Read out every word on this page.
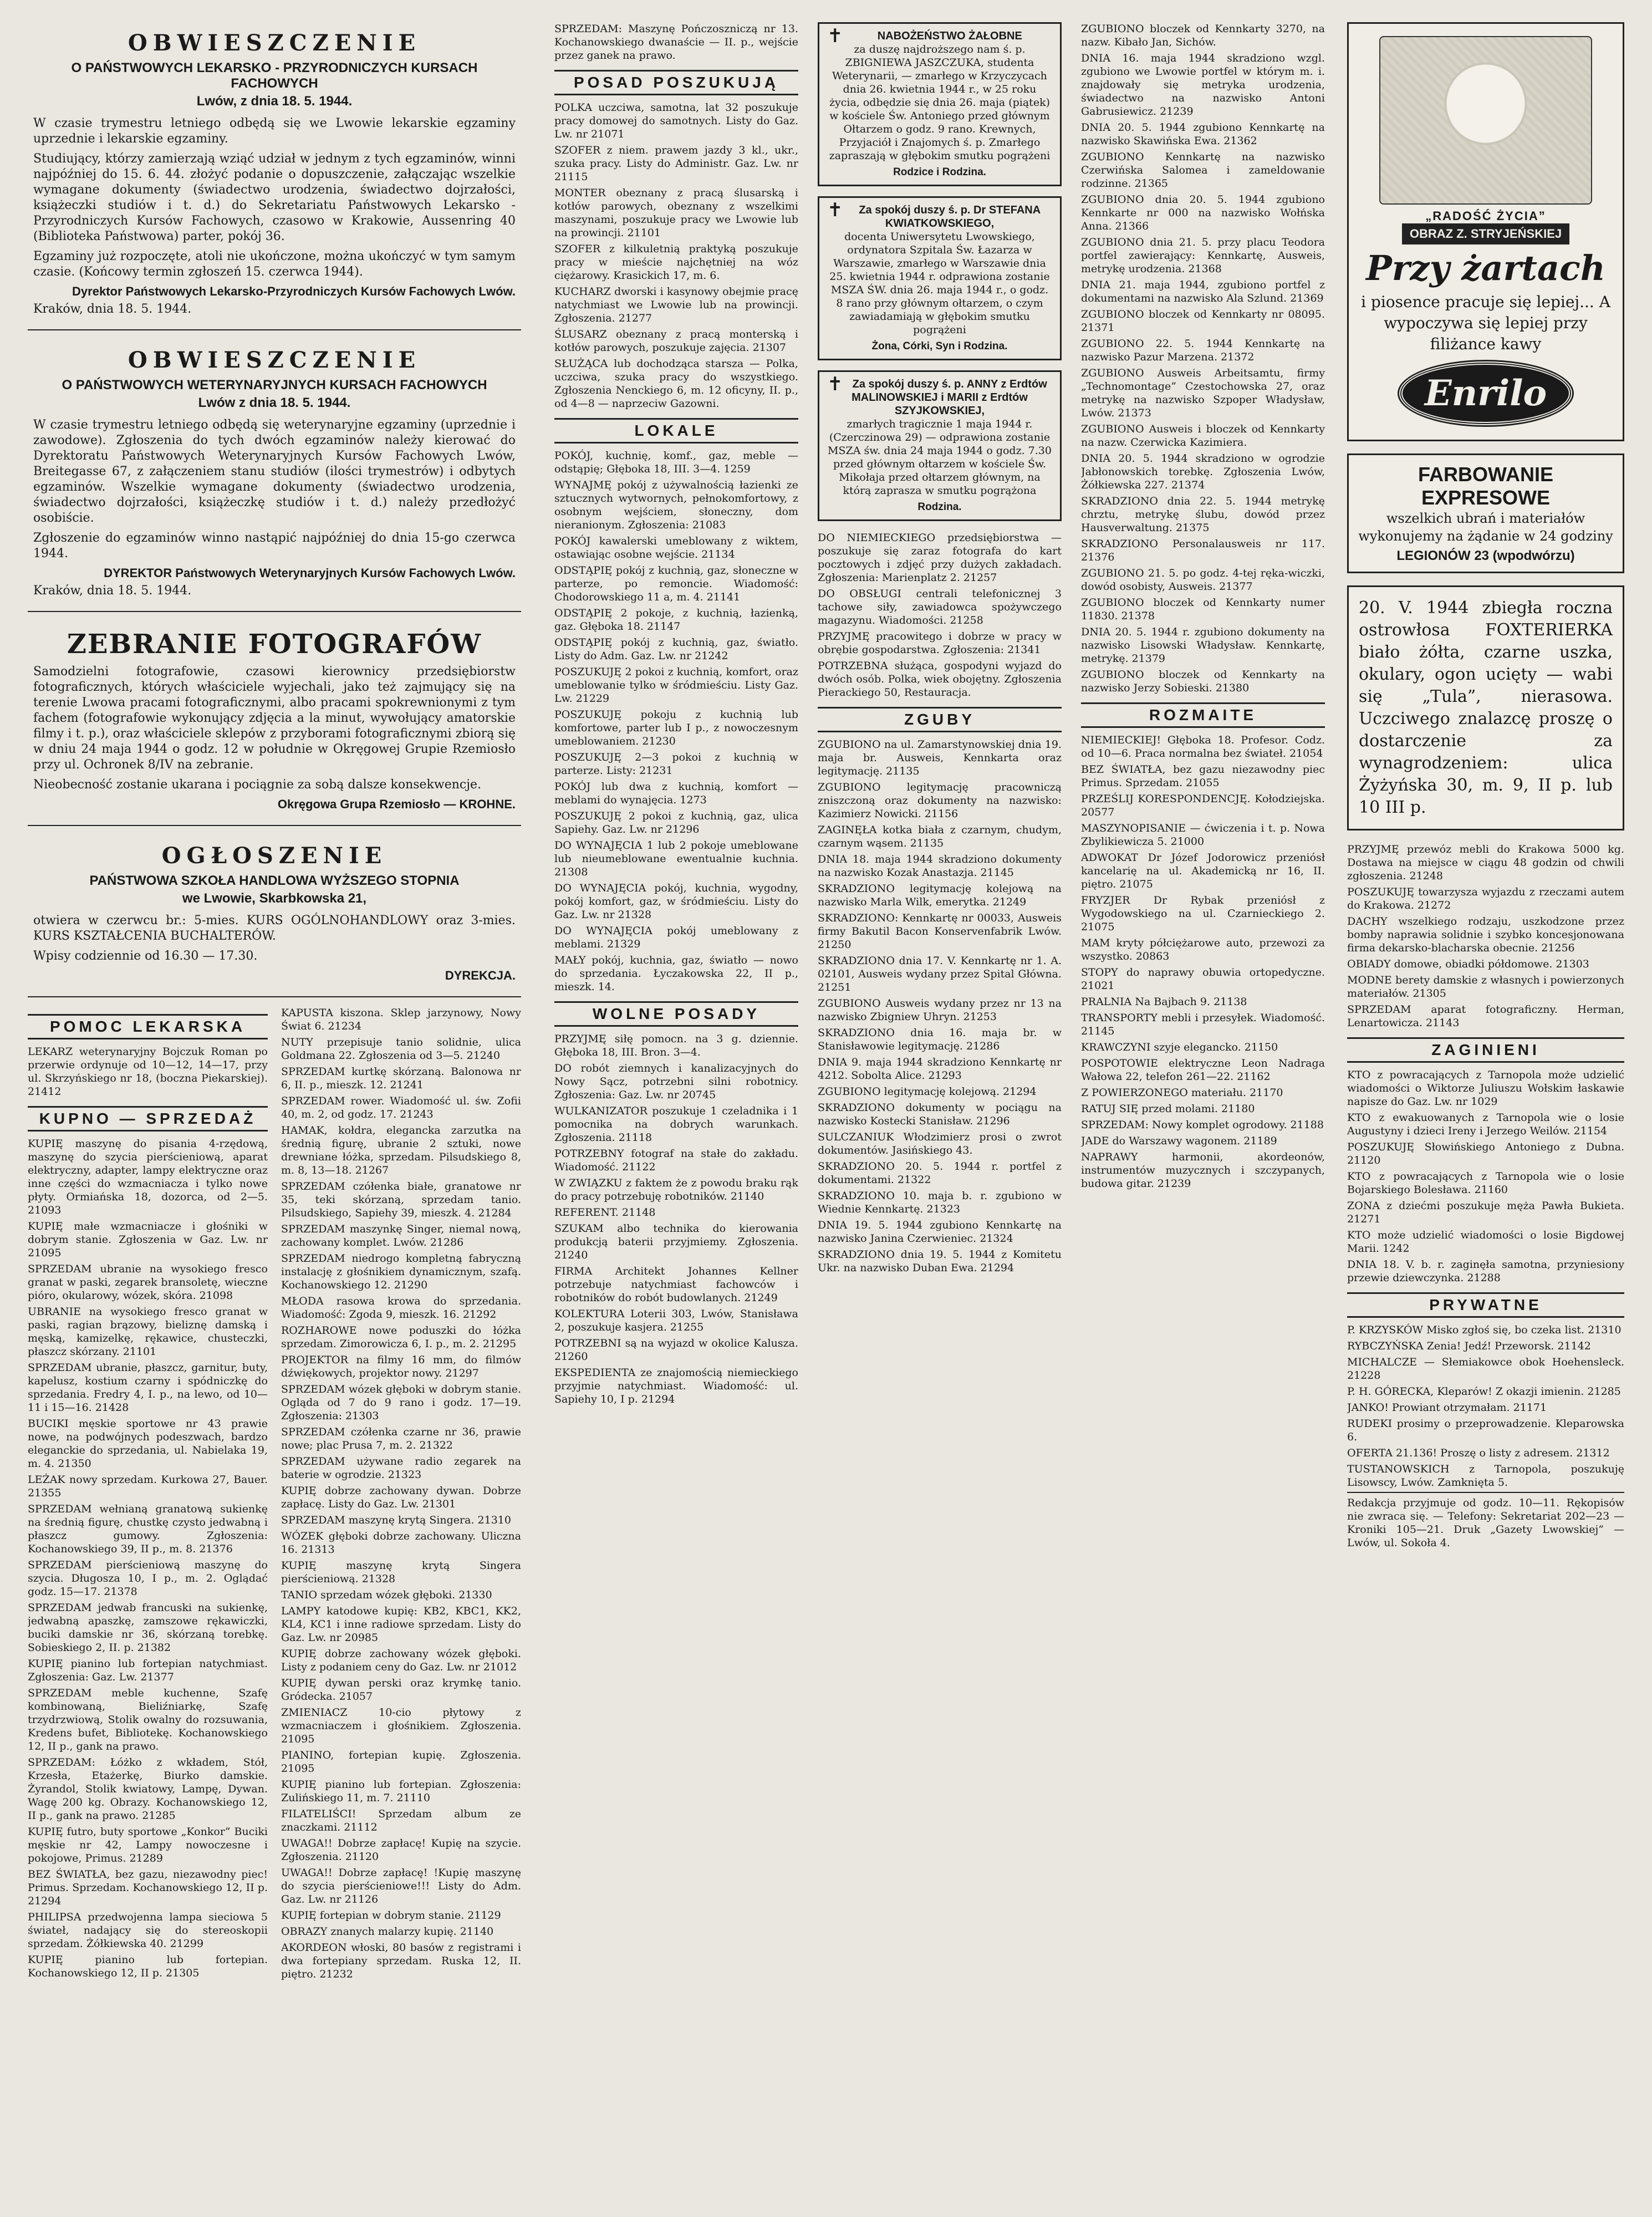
OBWIESZCZENIE
O PAŃSTWOWYCH LEKARSKO - PRZYRODNICZYCH KURSACH FACHOWYCH
Lwów, z dnia 18. 5. 1944.

W czasie trymestru letniego odbędą się we Lwowie lekarskie egzaminy uprzednie i lekarskie egzaminy.

Studiujący, którzy zamierzają wziąć udział w jednym z tych egzaminów, winni najpóźniej do 15. 6. 44. złożyć podanie o dopuszczenie, załączając wszelkie wymagane dokumenty (świadectwo urodzenia, świadectwo dojrzałości, książeczki studiów i t. d.) do Sekretariatu Państwowych Lekarsko - Przyrodniczych Kursów Fachowych, czasowo w Krakowie, Aussenring 40 (Biblioteka Państwowa) parter, pokój 36.

Egzaminy już rozpoczęte, atoli nie ukończone, można ukończyć w tym samym czasie. (Końcowy termin zgłoszeń 15. czerwca 1944).

Dyrektor Państwowych Lekarsko-Przyrodniczych Kursów Fachowych Lwów.
Kraków, dnia 18. 5. 1944.
OBWIESZCZENIE
O PAŃSTWOWYCH WETERYNARYJNYCH KURSACH FACHOWYCH
Lwów z dnia 18. 5. 1944.

W czasie trymestru letniego odbędą się weterynaryjne egzaminy (uprzednie i zawodowe). Zgłoszenia do tych dwóch egzaminów należy kierować do Dyrektoratu Państwowych Weterynaryjnych Kursów Fachowych Lwów, Breitegasse 67, z załączeniem stanu studiów (ilości trymestrów) i odbytych egzaminów. Wszelkie wymagane dokumenty (świadectwo urodzenia, świadectwo dojrzałości, książeczkę studiów i t. d.) należy przedłożyć osobiście.

Zgłoszenie do egzaminów winno nastąpić najpóźniej do dnia 15-go czerwca 1944.

DYREKTOR Państwowych Weterynaryjnych Kursów Fachowych Lwów.
Kraków, dnia 18. 5. 1944.
ZEBRANIE FOTOGRAFÓW

Samodzielni fotografowie, czasowi kierownicy przedsiębiorstw fotograficznych, których właściciele wyjechali, jako też zajmujący się na terenie Lwowa pracami fotograficznymi, albo pracami spokrewnionymi z tym fachem (fotografowie wykonujący zdjęcia a la minut, wywołujący amatorskie filmy i t. p.), oraz właściciele sklepów z przyborami fotograficznymi zbiorą się w dniu 24 maja 1944 o godz. 12 w południe w Okręgowej Grupie Rzemiosło przy ul. Ochronek 8/IV na zebranie.

Nieobecność zostanie ukarana i pociągnie za sobą dalsze konsekwencje.

Okręgowa Grupa Rzemiosło — KROHNE.
OGŁOSZENIE
PAŃSTWOWA SZKOŁA HANDLOWA WYŻSZEGO STOPNIA
we Lwowie, Skarbkowska 21,

otwiera w czerwcu br.: 5-mies. KURS OGÓLNOHANDLOWY oraz 3-mies. KURS KSZTAŁCENIA BUCHALTERÓW.

Wpisy codziennie od 16.30 — 17.30.

DYREKCJA.
POMOC LEKARSKA

LEKARZ weterynaryjny Bojczuk Roman po przerwie ordynuje od 10—12, 14—17, przy ul. Skrzyńskiego nr 18, (boczna Piekarskiej). 21412

KUPNO — SPRZEDAŻ

KUPIĘ maszynę do pisania 4-rzędową, maszynę do szycia pierścieniową, aparat elektryczny, adapter, lampy elektryczne oraz inne części do wzmacniacza i tylko nowe płyty. Ormiańska 18, dozorca, od 2—5. 21093

KUPIĘ małe wzmacniacze i głośniki w dobrym stanie. Zgłoszenia w Gaz. Lw. nr 21095

SPRZEDAM ubranie na wysokiego fresco granat w paski, zegarek bransoletę, wieczne pióro, okularowy, wózek, skóra. 21098

UBRANIE na wysokiego fresco granat w paski, ragian brązowy, bieliznę damską i męską, kamizelkę, rękawice, chusteczki, płaszcz skórzany. 21101

SPRZEDAM ubranie, płaszcz, garnitur, buty, kapelusz, kostium czarny i spódniczkę do sprzedania. Fredry 4, I. p., na lewo, od 10—11 i 15—16. 21428

BUCIKI męskie sportowe nr 43 prawie nowe, na podwójnych podeszwach, bardzo eleganckie do sprzedania, ul. Nabielaka 19, m. 4. 21350

LEŻAK nowy sprzedam. Kurkowa 27, Bauer. 21355

SPRZEDAM wełnianą granatową sukienkę na średnią figurę, chustkę czysto jedwabną i płaszcz gumowy. Zgłoszenia: Kochanowskiego 39, II p., m. 8. 21376

SPRZEDAM pierścieniową maszynę do szycia. Długosza 10, I p., m. 2. Oglądać godz. 15—17. 21378

SPRZEDAM jedwab francuski na sukienkę, jedwabną apaszkę, zamszowe rękawiczki, buciki damskie nr 36, skórzaną torebkę. Sobieskiego 2, II. p. 21382

KUPIĘ pianino lub fortepian natychmiast. Zgłoszenia: Gaz. Lw. 21377

SPRZEDAM meble kuchenne, Szafę kombinowaną, Bieliźniarkę, Szafę trzydrzwiową, Stolik owalny do rozsuwania, Kredens bufet, Bibliotekę. Kochanowskiego 12, II p., gank na prawo.

SPRZEDAM: Łóżko z wkładem, Stół, Krzesła, Etażerkę, Biurko damskie. Żyrandol, Stolik kwiatowy, Lampę, Dywan. Wagę 200 kg. Obrazy. Kochanowskiego 12, II p., gank na prawo. 21285

KUPIĘ futro, buty sportowe „Konkor” Buciki męskie nr 42, Lampy nowoczesne i pokojowe, Primus. 21289

BEZ ŚWIATŁA, bez gazu, niezawodny piec! Primus. Sprzedam. Kochanowskiego 12, II p. 21294

PHILIPSA przedwojenna lampa sieciowa 5 świateł, nadający się do stereoskopii sprzedam. Żółkiewska 40. 21299

KUPIĘ pianino lub fortepian. Kochanowskiego 12, II p. 21305

KAPUSTA kiszona. Sklep jarzynowy, Nowy Świat 6. 21234

NUTY przepisuje tanio solidnie, ulica Goldmana 22. Zgłoszenia od 3—5. 21240

SPRZEDAM kurtkę skórzaną. Balonowa nr 6, II. p., mieszk. 12. 21241

SPRZEDAM rower. Wiadomość ul. św. Zofii 40, m. 2, od godz. 17. 21243

HAMAK, kołdra, elegancka zarzutka na średnią figurę, ubranie 2 sztuki, nowe drewniane łóżka, sprzedam. Pilsudskiego 8, m. 8, 13—18. 21267

SPRZEDAM czółenka białe, granatowe nr 35, teki skórzaną, sprzedam tanio. Pilsudskiego, Sapiehy 39, mieszk. 4. 21284

SPRZEDAM maszynkę Singer, niemal nową, zachowany komplet. Lwów. 21286

SPRZEDAM niedrogo kompletną fabryczną instalację z głośnikiem dynamicznym, szafą. Kochanowskiego 12. 21290

MŁODA rasowa krowa do sprzedania. Wiadomość: Zgoda 9, mieszk. 16. 21292

ROZHAROWE nowe poduszki do łóżka sprzedam. Zimorowicza 6, I. p., m. 2. 21295

PROJEKTOR na filmy 16 mm, do filmów dźwiękowych, projektor nowy. 21297

SPRZEDAM wózek głęboki w dobrym stanie. Ogląda od 7 do 9 rano i godz. 17—19. Zgłoszenia: 21303

SPRZEDAM czółenka czarne nr 36, prawie nowe; plac Prusa 7, m. 2. 21322

SPRZEDAM używane radio zegarek na baterie w ogrodzie. 21323

KUPIĘ dobrze zachowany dywan. Dobrze zapłacę. Listy do Gaz. Lw. 21301

SPRZEDAM maszynę krytą Singera. 21310

WÓZEK głęboki dobrze zachowany. Uliczna 16. 21313

KUPIĘ maszynę krytą Singera pierścieniową. 21328

TANIO sprzedam wózek głęboki. 21330

LAMPY katodowe kupię: KB2, KBC1, KK2, KL4, KC1 i inne radiowe sprzedam. Listy do Gaz. Lw. nr 20985

KUPIĘ dobrze zachowany wózek głęboki. Listy z podaniem ceny do Gaz. Lw. nr 21012

KUPIĘ dywan perski oraz krymkę tanio. Gródecka. 21057

ZMIENIACZ 10-cio płytowy z wzmacniaczem i głośnikiem. Zgłoszenia. 21095

PIANINO, fortepian kupię. Zgłoszenia. 21095

KUPIĘ pianino lub fortepian. Zgłoszenia: Zulińskiego 11, m. 7. 21110

FILATELIŚCI! Sprzedam album ze znaczkami. 21112

UWAGA!! Dobrze zapłacę! Kupię na szycie. Zgłoszenia. 21120

UWAGA!! Dobrze zapłacę! !Kupię maszynę do szycia pierścieniowe!!! Listy do Adm. Gaz. Lw. nr 21126

KUPIĘ fortepian w dobrym stanie. 21129

OBRAZY znanych malarzy kupię. 21140

AKORDEON włoski, 80 basów z registrami i dwa fortepiany sprzedam. Ruska 12, II. piętro. 21232

SPRZEDAM: Maszynę Pończoszniczą nr 13. Kochanowskiego dwanaście — II. p., wejście przez ganek na prawo.

POSAD POSZUKUJĄ

POLKA uczciwa, samotna, lat 32 poszukuje pracy domowej do samotnych. Listy do Gaz. Lw. nr 21071

SZOFER z niem. prawem jazdy 3 kl., ukr., szuka pracy. Listy do Administr. Gaz. Lw. nr 21115

MONTER obeznany z pracą ślusarską i kotłów parowych, obeznany z wszelkimi maszynami, poszukuje pracy we Lwowie lub na prowincji. 21101

SZOFER z kilkuletnią praktyką poszukuje pracy w mieście najchętniej na wóz ciężarowy. Krasickich 17, m. 6.

KUCHARZ dworski i kasynowy obejmie pracę natychmiast we Lwowie lub na prowincji. Zgłoszenia. 21277

ŚLUSARZ obeznany z pracą monterską i kotłów parowych, poszukuje zajęcia. 21307

SŁUŻĄCA lub dochodząca starsza — Polka, uczciwa, szuka pracy do wszystkiego. Zgłoszenia Nenckiego 6, m. 12 oficyny, II. p., od 4—8 — naprzeciw Gazowni.

LOKALE

POKÓJ, kuchnię, komf., gaz, meble — odstąpię; Głęboka 18, III. 3—4. 1259

WYNAJMĘ pokój z używalnością łazienki ze sztucznych wytwornych, pełnokomfortowy, z osobnym wejściem, słoneczny, dom nieranionym. Zgłoszenia: 21083

POKÓJ kawalerski umeblowany z wiktem, ostawiając osobne wejście. 21134

ODSTĄPIĘ pokój z kuchnią, gaz, słoneczne w parterze, po remoncie. Wiadomość: Chodorowskiego 11 a, m. 4. 21141

ODSTĄPIĘ 2 pokoje, z kuchnią, łazienką, gaz. Głęboka 18. 21147

ODSTĄPIĘ pokój z kuchnią, gaz, światło. Listy do Adm. Gaz. Lw. nr 21242

POSZUKUJĘ 2 pokoi z kuchnią, komfort, oraz umeblowanie tylko w śródmieściu. Listy Gaz. Lw. 21229

POSZUKUJĘ pokoju z kuchnią lub komfortowe, parter lub I p., z nowoczesnym umeblowaniem. 21230

POSZUKUJĘ 2—3 pokoi z kuchnią w parterze. Listy: 21231

POKÓJ lub dwa z kuchnią, komfort — meblami do wynajęcia. 1273

POSZUKUJĘ 2 pokoi z kuchnią, gaz, ulica Sapiehy. Gaz. Lw. nr 21296

DO WYNAJĘCIA 1 lub 2 pokoje umeblowane lub nieumeblowane ewentualnie kuchnia. 21308

DO WYNAJĘCIA pokój, kuchnia, wygodny, pokój komfort, gaz, w śródmieściu. Listy do Gaz. Lw. nr 21328

DO WYNAJĘCIA pokój umeblowany z meblami. 21329

MAŁY pokój, kuchnia, gaz, światło — nowo do sprzedania. Łyczakowska 22, II p., mieszk. 14.

WOLNE POSADY

PRZYJMĘ siłę pomocn. na 3 g. dziennie. Głęboka 18, III. Bron. 3—4.

DO robót ziemnych i kanalizacyjnych do Nowy Sącz, potrzebni silni robotnicy. Zgłoszenia: Gaz. Lw. nr 20745

WULKANIZATOR poszukuje 1 czeladnika i 1 pomocnika na dobrych warunkach. Zgłoszenia. 21118

POTRZEBNY fotograf na stałe do zakładu. Wiadomość. 21122

W ZWIĄZKU z faktem że z powodu braku rąk do pracy potrzebuję robotników. 21140

REFERENT. 21148

SZUKAM albo technika do kierowania produkcją baterii przyjmiemy. Zgłoszenia. 21240

FIRMA Architekt Johannes Kellner potrzebuje natychmiast fachowców i robotników do robót budowlanych. 21249

KOLEKTURA Loterii 303, Lwów, Stanisława 2, poszukuje kasjera. 21255

POTRZEBNI są na wyjazd w okolice Kalusza. 21260

EKSPEDIENTA ze znajomością niemieckiego przyjmie natychmiast. Wiadomość: ul. Sapiehy 10, I p. 21294

✝	NABOŻEŃSTWO ŻAŁOBNE
za duszę najdroższego nam ś. p. ZBIGNIEWA JASZCZUKA, studenta Weterynarii, — zmarłego w Krzyczycach dnia 26. kwietnia 1944 r., w 25 roku życia, odbędzie się dnia 26. maja (piątek) w kościele Św. Antoniego przed głównym Ołtarzem o godz. 9 rano. Krewnych, Przyjaciół i Znajomych ś. p. Zmarłego zapraszają w głębokim smutku pogrążeni
Rodzice i Rodzina.
✝	Za spokój duszy ś. p. Dr STEFANA KWIATKOWSKIEGO,
docenta Uniwersytetu Lwowskiego, ordynatora Szpitala Św. Łazarza w Warszawie, zmarłego w Warszawie dnia 25. kwietnia 1944 r. odprawiona zostanie MSZA ŚW. dnia 26. maja 1944 r., o godz. 8 rano przy głównym ołtarzem, o czym zawiadamiają w głębokim smutku pogrążeni
Żona, Córki, Syn i Rodzina.
✝ Za spokój duszy ś. p. ANNY z Erdtów MALINOWSKIEJ i MARII z Erdtów SZYJKOWSKIEJ,
zmarłych tragicznie 1 maja 1944 r. (Czerczinowa 29) — odprawiona zostanie MSZA św. dnia 24 maja 1944 o godz. 7.30 przed głównym ołtarzem w kościele Św. Mikołaja przed ołtarzem głównym, na którą zaprasza w smutku pogrążona
Rodzina.

DO NIEMIECKIEGO przedsiębiorstwa — poszukuje się zaraz fotografa do kart pocztowych i zdjęć przy dużych zakładach. Zgłoszenia: Marienplatz 2. 21257

DO OBSŁUGI centrali telefonicznej 3 tachowe siły, zawiadowca spożywczego magazynu. Wiadomości. 21258

PRZYJMĘ pracowitego i dobrze w pracy w obrębie gospodarstwa. Zgłoszenia: 21341

POTRZEBNA służąca, gospodyni wyjazd do dwóch osób. Polka, wiek obojętny. Zgłoszenia Pierackiego 50, Restauracja.

ZGUBY

ZGUBIONO na ul. Zamarstynowskiej dnia 19. maja br. Ausweis, Kennkarta oraz legitymację. 21135

ZGUBIONO legitymację pracowniczą zniszczoną oraz dokumenty na nazwisko: Kazimierz Nowicki. 21156

ZAGINĘŁA kotka biała z czarnym, chudym, czarnym wąsem. 21135

DNIA 18. maja 1944 skradziono dokumenty na nazwisko Kozak Anastazja. 21145

SKRADZIONO legitymację kolejową na nazwisko Marla Wilk, emerytka. 21249

SKRADZIONO: Kennkartę nr 00033, Ausweis firmy Bakutil Bacon Konservenfabrik Lwów. 21250

SKRADZIONO dnia 17. V. Kennkartę nr 1. A. 02101, Ausweis wydany przez Spital Główna. 21251

ZGUBIONO Ausweis wydany przez nr 13 na nazwisko Zbigniew Uhryn. 21253

SKRADZIONO dnia 16. maja br. w Stanisławowie legitymację. 21286

DNIA 9. maja 1944 skradziono Kennkartę nr 4212. Sobolta Alice. 21293

ZGUBIONO legitymację kolejową. 21294

SKRADZIONO dokumenty w pociągu na nazwisko Kostecki Stanisław. 21296

SULCZANIUK Włodzimierz prosi o zwrot dokumentów. Jasińskiego 43.

SKRADZIONO 20. 5. 1944 r. portfel z dokumentami. 21322

SKRADZIONO 10. maja b. r. zgubiono w Wiednie Kennkartę. 21323

DNIA 19. 5. 1944 zgubiono Kennkartę na nazwisko Janina Czerwieniec. 21324

SKRADZIONO dnia 19. 5. 1944 z Komitetu Ukr. na nazwisko Duban Ewa. 21294

ZGUBIONO bloczek od Kennkarty 3270, na nazw. Kibało Jan, Sichów.

DNIA 16. maja 1944 skradziono wzgl. zgubiono we Lwowie portfel w którym m. i. znajdowały się metryka urodzenia, świadectwo na nazwisko Antoni Gabrusiewicz. 21239

DNIA 20. 5. 1944 zgubiono Kennkartę na nazwisko Skawińska Ewa. 21362

ZGUBIONO Kennkartę na nazwisko Czerwińska Salomea i zameldowanie rodzinne. 21365

ZGUBIONO dnia 20. 5. 1944 zgubiono Kennkarte nr 000 na nazwisko Wołńska Anna. 21366

ZGUBIONO dnia 21. 5. przy placu Teodora portfel zawierający: Kennkartę, Ausweis, metrykę urodzenia. 21368

DNIA 21. maja 1944, zgubiono portfel z dokumentami na nazwisko Ala Szlund. 21369

ZGUBIONO bloczek od Kennkarty nr 08095. 21371

ZGUBIONO 22. 5. 1944 Kennkartę na nazwisko Pazur Marzena. 21372

ZGUBIONO Ausweis Arbeitsamtu, firmy „Technomontage” Czestochowska 27, oraz metrykę na nazwisko Szpoper Władysław, Lwów. 21373

ZGUBIONO Ausweis i bloczek od Kennkarty na nazw. Czerwicka Kazimiera.

DNIA 20. 5. 1944 skradziono w ogrodzie Jabłonowskich torebkę. Zgłoszenia Lwów, Żółkiewska 227. 21374

SKRADZIONO dnia 22. 5. 1944 metrykę chrztu, metrykę ślubu, dowód przez Hausverwaltung. 21375

SKRADZIONO Personalausweis nr 117. 21376

ZGUBIONO 21. 5. po godz. 4-tej ręka-wiczki, dowód osobisty, Ausweis. 21377

ZGUBIONO bloczek od Kennkarty numer 11830. 21378

DNIA 20. 5. 1944 r. zgubiono dokumenty na nazwisko Lisowski Władysław. Kennkartę, metrykę. 21379

ZGUBIONO bloczek od Kennkarty na nazwisko Jerzy Sobieski. 21380

ROZMAITE

NIEMIECKIEJ! Głęboka 18. Profesor. Codz. od 10—6. Praca normalna bez świateł. 21054

BEZ ŚWIATŁA, bez gazu niezawodny piec Primus. Sprzedam. 21055

PRZEŚLIJ KORESPONDENCJĘ. Kołodziejska. 20577

MASZYNOPISANIE — ćwiczenia i t. p. Nowa Zbylikiewicza 5. 21000

ADWOKAT Dr Józef Jodorowicz przeniósł kancelarię na ul. Akademicką nr 16, II. piętro. 21075

FRYZJER Dr Rybak przeniósł z Wygodowskiego na ul. Czarnieckiego 2. 21075

MAM kryty półciężarowe auto, przewozi za wszystko. 20863

STOPY do naprawy obuwia ortopedyczne. 21021

PRALNIA Na Bajbach 9. 21138

TRANSPORTY mebli i przesyłek. Wiadomość. 21145

KRAWCZYNI szyje elegancko. 21150

POSPOTOWIE elektryczne Leon Nadraga Wałowa 22, telefon 261—22. 21162

Z POWIERZONEGO materiału. 21170

RATUJ SIĘ przed molami. 21180

SPRZEDAM: Nowy komplet ogrodowy. 21188

JADE do Warszawy wagonem. 21189

NAPRAWY harmonii, akordeonów, instrumentów muzycznych i szczypanych, budowa gitar. 21239

„RADOŚĆ ŻYCIA”
OBRAZ Z. STRYJEŃSKIEJ
Przy żartach
i piosence pracuje się lepiej... A wypoczywa się lepiej przy filiżance kawy
Enrilo
FARBOWANIE EXPRESOWE
wszelkich ubrań i materiałów wykonujemy na żądanie w 24 godziny
LEGIONÓW 23 (wpodwórzu)
20. V. 1944 zbiegła roczna ostrowłosa FOXTERIERKA biało żółta, czarne uszka, okulary, ogon ucięty — wabi się „Tula”, nierasowa. Uczciwego znalazcę proszę o dostarczenie za wynagrodzeniem: ulica Żyżyńska 30, m. 9, II p. lub 10 III p.

PRZYJMĘ przewóz mebli do Krakowa 5000 kg. Dostawa na miejsce w ciągu 48 godzin od chwili zgłoszenia. 21248

POSZUKUJĘ towarzysza wyjazdu z rzeczami autem do Krakowa. 21272

DACHY wszelkiego rodzaju, uszkodzone przez bomby naprawia solidnie i szybko koncesjonowana firma dekarsko-blacharska obecnie. 21256

OBIADY domowe, obiadki półdomowe. 21303

MODNE berety damskie z własnych i powierzonych materiałów. 21305

SPRZEDAM aparat fotograficzny. Herman, Lenartowicza. 21143

ZAGINIENI

KTO z powracających z Tarnopola może udzielić wiadomości o Wiktorze Juliuszu Wołskim łaskawie napisze do Gaz. Lw. nr 1029

KTO z ewakuowanych z Tarnopola wie o losie Augustyny i dzieci Ireny i Jerzego Weilów. 21154

POSZUKUJĘ Słowińskiego Antoniego z Dubna. 21120

KTO z powracających z Tarnopola wie o losie Bojarskiego Bolesława. 21160

ZONA z dziećmi poszukuje męża Pawła Bukieta. 21271

KTO może udzielić wiadomości o losie Bigdowej Marii. 1242

DNIA 18. V. b. r. zaginęła samotna, przyniesiony przewie dziewczynka. 21288

PRYWATNE

P. KRZYSKÓW Misko zgłoś się, bo czeka list. 21310

RYBCZYŃSKA Zenia! Jedź! Przeworsk. 21142

MICHALCZE — Słemiakowce obok Hoehensleck. 21228

P. H. GÓRECKA, Kleparów! Z okazji imienin. 21285

JANKO! Prowiant otrzymałam. 21171

RUDEKI prosimy o przeprowadzenie. Kleparowska 6.

OFERTA 21.136! Proszę o listy z adresem. 21312

TUSTANOWSKICH z Tarnopola, poszukuję Lisowscy, Lwów. Zamknięta 5.

Redakcja przyjmuje od godz. 10—11. Rękopisów nie zwraca się. — Telefony: Sekretariat 202—23 — Kroniki 105—21. Druk „Gazety Lwowskiej” — Lwów, ul. Sokoła 4.
